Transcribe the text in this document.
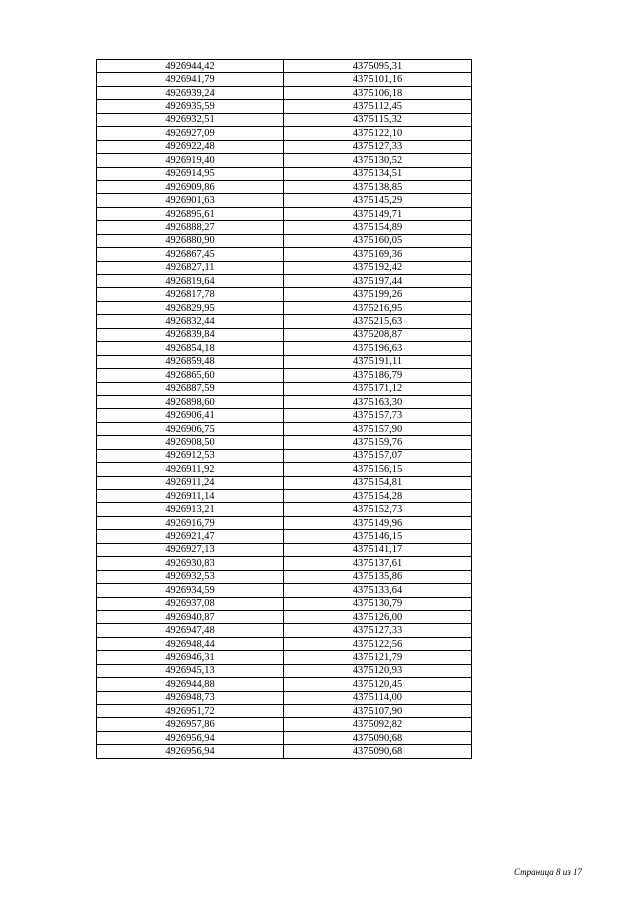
4926944,42	4375095,31
4926941,79	4375101,16
4926939,24	4375106,18
4926935,59	4375112,45
4926932,51	4375115,32
4926927,09	4375122,10
4926922,48	4375127,33
4926919,40	4375130,52
4926914,95	4375134,51
4926909,86	4375138,85
4926901,63	4375145,29
4926895,61	4375149,71
4926888,27	4375154,89
4926880,90	4375160,05
4926867,45	4375169,36
4926827,11	4375192,42
4926819,64	4375197,44
4926817,78	4375199,26
4926829,95	4375216,95
4926832,44	4375215,63
4926839,84	4375208,87
4926854,18	4375196,63
4926859,48	4375191,11
4926865,60	4375186,79
4926887,59	4375171,12
4926898,60	4375163,30
4926906,41	4375157,73
4926906,75	4375157,90
4926908,50	4375159,76
4926912,53	4375157,07
4926911,92	4375156,15
4926911,24	4375154,81
4926911,14	4375154,28
4926913,21	4375152,73
4926916,79	4375149,96
4926921,47	4375146,15
4926927,13	4375141,17
4926930,83	4375137,61
4926932,53	4375135,86
4926934,59	4375133,64
4926937,08	4375130,79
4926940,87	4375126,00
4926947,48	4375127,33
4926948,44	4375122,56
4926946,31	4375121,79
4926945,13	4375120,93
4926944,88	4375120,45
4926948,73	4375114,00
4926951,72	4375107,90
4926957,86	4375092,82
4926956,94	4375090,68
4926956,94	4375090,68
Страница 8 из 17
